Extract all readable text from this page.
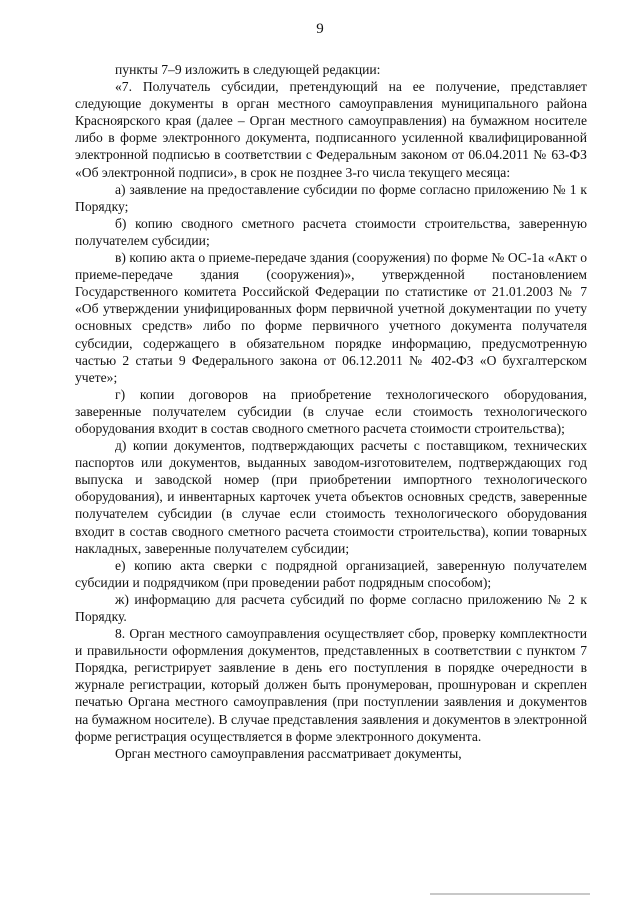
9

пункты 7–9 изложить в следующей редакции:

«7. Получатель субсидии, претендующий на ее получение, представляет следующие документы в орган местного самоуправления муниципального района Красноярского края (далее – Орган местного самоуправления) на бумажном носителе либо в форме электронного документа, подписанного усиленной квалифицированной электронной подписью в соответствии с Федеральным законом от 06.04.2011 № 63-ФЗ «Об электронной подписи», в срок не позднее 3-го числа текущего месяца:

а) заявление на предоставление субсидии по форме согласно приложению № 1 к Порядку;

б) копию сводного сметного расчета стоимости строительства, заверенную получателем субсидии;

в) копию акта о приеме-передаче здания (сооружения) по форме № ОС-1а «Акт о приеме-передаче здания (сооружения)», утвержденной постановлением Государственного комитета Российской Федерации по статистике от 21.01.2003 № 7 «Об утверждении унифицированных форм первичной учетной документации по учету основных средств» либо по форме первичного учетного документа получателя субсидии, содержащего в обязательном порядке информацию, предусмотренную частью 2 статьи 9 Федерального закона от 06.12.2011 № 402-ФЗ «О бухгалтерском учете»;

г) копии договоров на приобретение технологического оборудования, заверенные получателем субсидии (в случае если стоимость технологического оборудования входит в состав сводного сметного расчета стоимости строительства);

д) копии документов, подтверждающих расчеты с поставщиком, технических паспортов или документов, выданных заводом-изготовителем, подтверждающих год выпуска и заводской номер (при приобретении импортного технологического оборудования), и инвентарных карточек учета объектов основных средств, заверенные получателем субсидии (в случае если стоимость технологического оборудования входит в состав сводного сметного расчета стоимости строительства), копии товарных накладных, заверенные получателем субсидии;

е) копию акта сверки с подрядной организацией, заверенную получателем субсидии и подрядчиком (при проведении работ подрядным способом);

ж) информацию для расчета субсидий по форме согласно приложению № 2 к Порядку.

8. Орган местного самоуправления осуществляет сбор, проверку комплектности и правильности оформления документов, представленных в соответствии с пунктом 7 Порядка, регистрирует заявление в день его поступления в порядке очередности в журнале регистрации, который должен быть пронумерован, прошнурован и скреплен печатью Органа местного самоуправления (при поступлении заявления и документов на бумажном носителе). В случае представления заявления и документов в электронной форме регистрация осуществляется в форме электронного документа.

Орган местного самоуправления рассматривает документы,
